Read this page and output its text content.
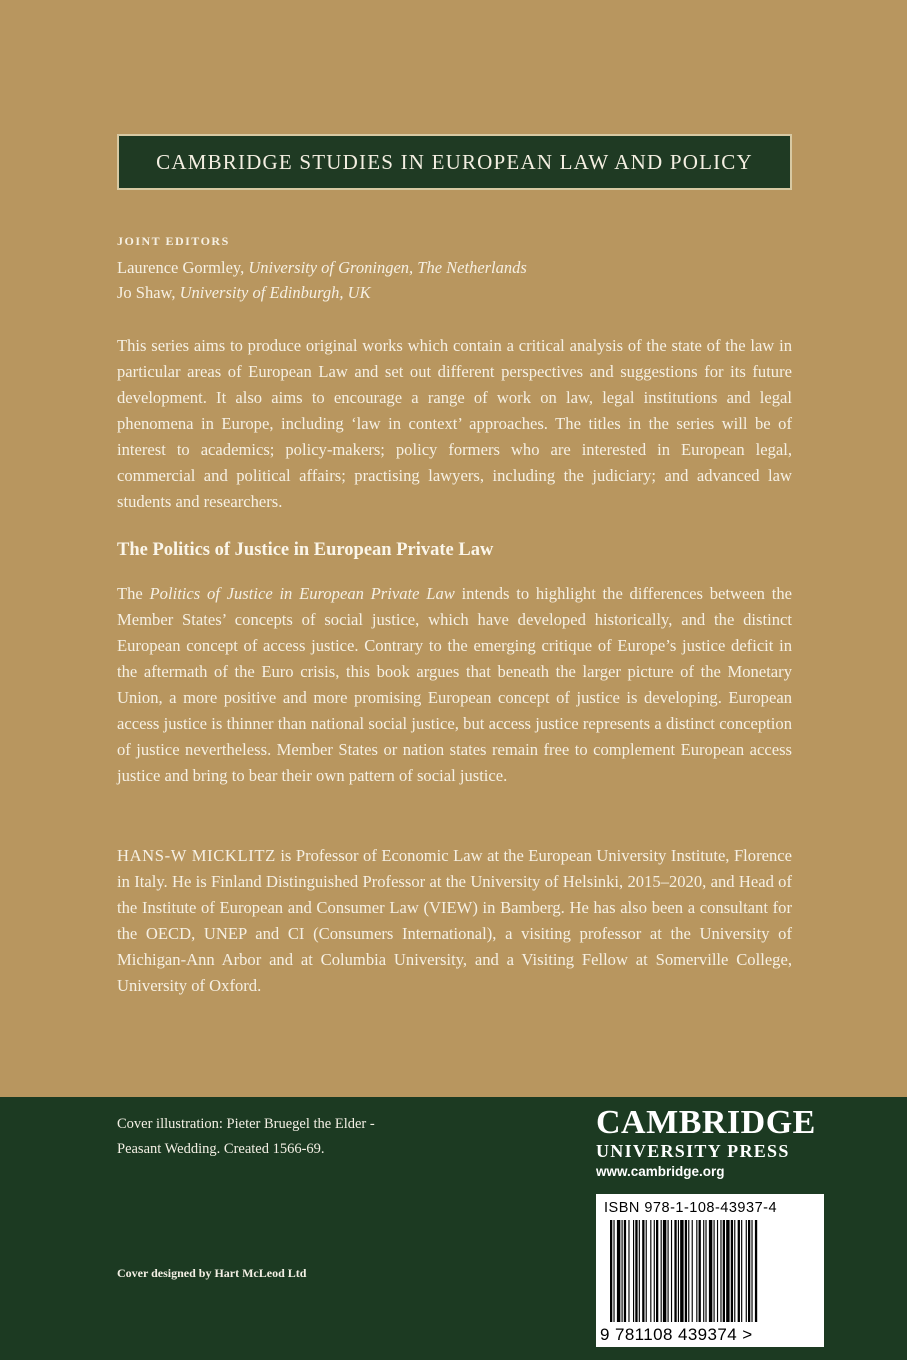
CAMBRIDGE STUDIES IN EUROPEAN LAW AND POLICY
JOINT EDITORS
Laurence Gormley, University of Groningen, The Netherlands
Jo Shaw, University of Edinburgh, UK

This series aims to produce original works which contain a critical analysis of the state of the law in particular areas of European Law and set out different perspectives and suggestions for its future development. It also aims to encourage a range of work on law, legal institutions and legal phenomena in Europe, including ‘law in context’ approaches. The titles in the series will be of interest to academics; policy-makers; policy formers who are interested in European legal, commercial and political affairs; practising lawyers, including the judiciary; and advanced law students and researchers.

The Politics of Justice in European Private Law

The Politics of Justice in European Private Law intends to highlight the differences between the Member States’ concepts of social justice, which have developed historically, and the distinct European concept of access justice. Contrary to the emerging critique of Europe’s justice deficit in the aftermath of the Euro crisis, this book argues that beneath the larger picture of the Monetary Union, a more positive and more promising European concept of justice is developing. European access justice is thinner than national social justice, but access justice represents a distinct conception of justice nevertheless. Member States or nation states remain free to complement European access justice and bring to bear their own pattern of social justice.

HANS-W MICKLITZ is Professor of Economic Law at the European University Institute, Florence in Italy. He is Finland Distinguished Professor at the University of Helsinki, 2015–2020, and Head of the Institute of European and Consumer Law (VIEW) in Bamberg. He has also been a consultant for the OECD, UNEP and CI (Consumers International), a visiting professor at the University of Michigan-Ann Arbor and at Columbia University, and a Visiting Fellow at Somerville College, University of Oxford.

Cover illustration: Pieter Bruegel the Elder -
Peasant Wedding. Created 1566-69.
Cover designed by Hart McLeod Ltd
CAMBRIDGE
UNIVERSITY PRESS
www.cambridge.org
ISBN 978-1-108-43937-4
9 781108 439374 >
